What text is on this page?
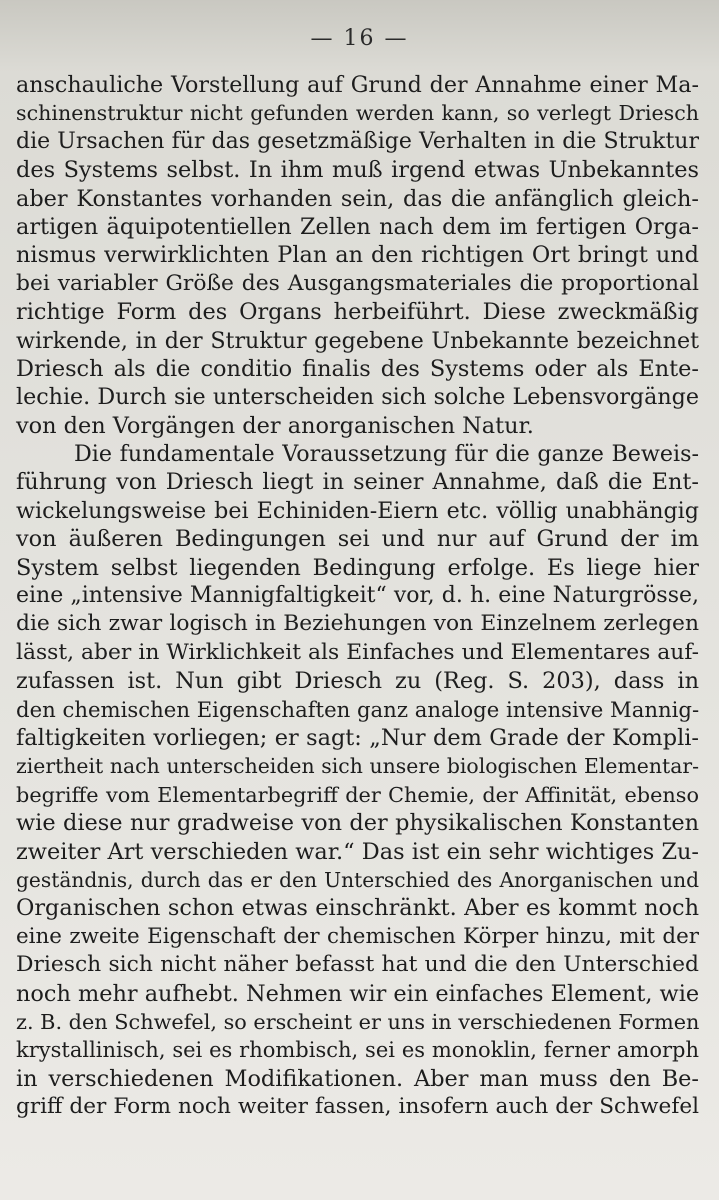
— 16 —
anschauliche Vorstellung auf Grund der Annahme einer Ma-
schinenstruktur nicht gefunden werden kann, so verlegt Driesch
die Ursachen für das gesetzmäßige Verhalten in die Struktur
des Systems selbst. In ihm muß irgend etwas Unbekanntes
aber Konstantes vorhanden sein, das die anfänglich gleich-
artigen äquipotentiellen Zellen nach dem im fertigen Orga-
nismus verwirklichten Plan an den richtigen Ort bringt und
bei variabler Größe des Ausgangsmateriales die proportional
richtige Form des Organs herbeiführt. Diese zweckmäßig
wirkende, in der Struktur gegebene Unbekannte bezeichnet
Driesch als die conditio finalis des Systems oder als Ente-
lechie. Durch sie unterscheiden sich solche Lebensvorgänge
von den Vorgängen der anorganischen Natur.
Die fundamentale Voraussetzung für die ganze Beweis-
führung von Driesch liegt in seiner Annahme, daß die Ent-
wickelungsweise bei Echiniden-Eiern etc. völlig unabhängig
von äußeren Bedingungen sei und nur auf Grund der im
System selbst liegenden Bedingung erfolge. Es liege hier
eine „intensive Mannigfaltigkeit“ vor, d. h. eine Naturgrösse,
die sich zwar logisch in Beziehungen von Einzelnem zerlegen
lässt, aber in Wirklichkeit als Einfaches und Elementares auf-
zufassen ist. Nun gibt Driesch zu (Reg. S. 203), dass in
den chemischen Eigenschaften ganz analoge intensive Mannig-
faltigkeiten vorliegen; er sagt: „Nur dem Grade der Kompli-
ziertheit nach unterscheiden sich unsere biologischen Elementar-
begriffe vom Elementarbegriff der Chemie, der Affinität, ebenso
wie diese nur gradweise von der physikalischen Konstanten
zweiter Art verschieden war.“ Das ist ein sehr wichtiges Zu-
geständnis, durch das er den Unterschied des Anorganischen und
Organischen schon etwas einschränkt. Aber es kommt noch
eine zweite Eigenschaft der chemischen Körper hinzu, mit der
Driesch sich nicht näher befasst hat und die den Unterschied
noch mehr aufhebt. Nehmen wir ein einfaches Element, wie
z. B. den Schwefel, so erscheint er uns in verschiedenen Formen
krystallinisch, sei es rhombisch, sei es monoklin, ferner amorph
in verschiedenen Modifikationen. Aber man muss den Be-
griff der Form noch weiter fassen, insofern auch der Schwefel
